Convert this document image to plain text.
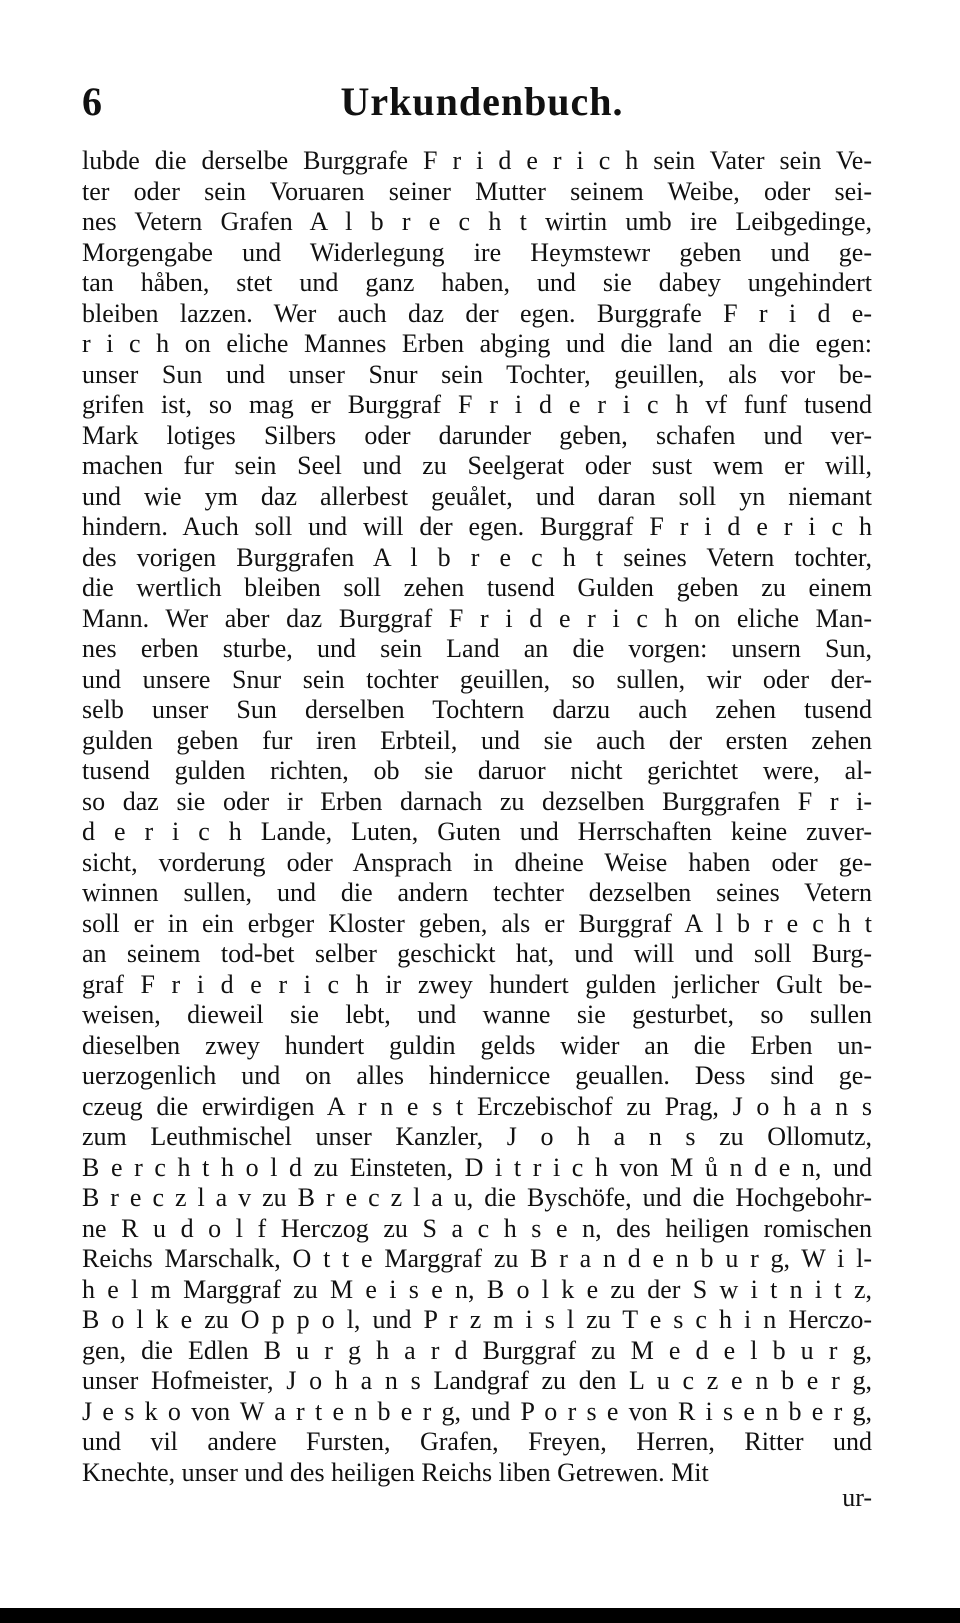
6	Urkundenbuch.
lubde die derselbe Burggrafe F r i d e r i c h sein Vater sein Ve-
ter oder sein Voruaren seiner Mutter seinem Weibe, oder sei-
nes Vetern Grafen A l b r e c h t wirtin umb ire Leibgedinge,
Morgengabe und Widerlegung ire Heymstewr geben und ge-
tan håben, stet und ganz haben, und sie dabey ungehindert
bleiben lazzen. Wer auch daz der egen. Burggrafe F r i d e-
r i c h on eliche Mannes Erben abging und die land an die egen:
unser Sun und unser Snur sein Tochter, geuillen, als vor be-
grifen ist, so mag er Burggraf F r i d e r i c h vf funf tusend
Mark lotiges Silbers oder darunder geben, schafen und ver-
machen fur sein Seel und zu Seelgerat oder sust wem er will,
und wie ym daz allerbest geuålet, und daran soll yn niemant
hindern. Auch soll und will der egen. Burggraf F r i d e r i c h
des vorigen Burggrafen A l b r e c h t seines Vetern tochter,
die wertlich bleiben soll zehen tusend Gulden geben zu einem
Mann. Wer aber daz Burggraf F r i d e r i c h on eliche Man-
nes erben sturbe, und sein Land an die vorgen: unsern Sun,
und unsere Snur sein tochter geuillen, so sullen, wir oder der-
selb unser Sun derselben Tochtern darzu auch zehen tusend
gulden geben fur iren Erbteil, und sie auch der ersten zehen
tusend gulden richten, ob sie daruor nicht gerichtet were, al-
so daz sie oder ir Erben darnach zu dezselben Burggrafen F r i-
d e r i c h Lande, Luten, Guten und Herrschaften keine zuver-
sicht, vorderung oder Ansprach in dheine Weise haben oder ge-
winnen sullen, und die andern techter dezselben seines Vetern
soll er in ein erbger Kloster geben, als er Burggraf A l b r e c h t
an seinem tod-bet selber geschickt hat, und will und soll Burg-
graf F r i d e r i c h ir zwey hundert gulden jerlicher Gult be-
weisen, dieweil sie lebt, und wanne sie gesturbet, so sullen
dieselben zwey hundert guldin gelds wider an die Erben un-
uerzogenlich und on alles hindernicce geuallen. Dess sind ge-
czeug die erwirdigen A r n e s t Erczebischof zu Prag, J o h a n s
zum Leuthmischel unser Kanzler, J o h a n s zu Ollomutz,
B e r c h t h o l d zu Einsteten, D i t r i c h von M ů n d e n, und
B r e c z l a v zu B r e c z l a u, die Byschöfe, und die Hochgebohr-
ne R u d o l f Herczog zu S a c h s e n, des heiligen romischen
Reichs Marschalk, O t t e Marggraf zu B r a n d e n b u r g, W i l-
h e l m Marggraf zu M e i s e n, B o l k e zu der S w i t n i t z,
B o l k e zu O p p o l, und P r z m i s l zu T e s c h i n Herczo-
gen, die Edlen B u r g h a r d Burggraf zu M e d e l b u r g,
unser Hofmeister, J o h a n s Landgraf zu den L u c z e n b e r g,
J e s k o von W a r t e n b e r g, und P o r s e von R i s e n b e r g,
und vil andere Fursten, Grafen, Freyen, Herren, Ritter und
Knechte, unser und des heiligen Reichs liben Getrewen. Mit
ur-
